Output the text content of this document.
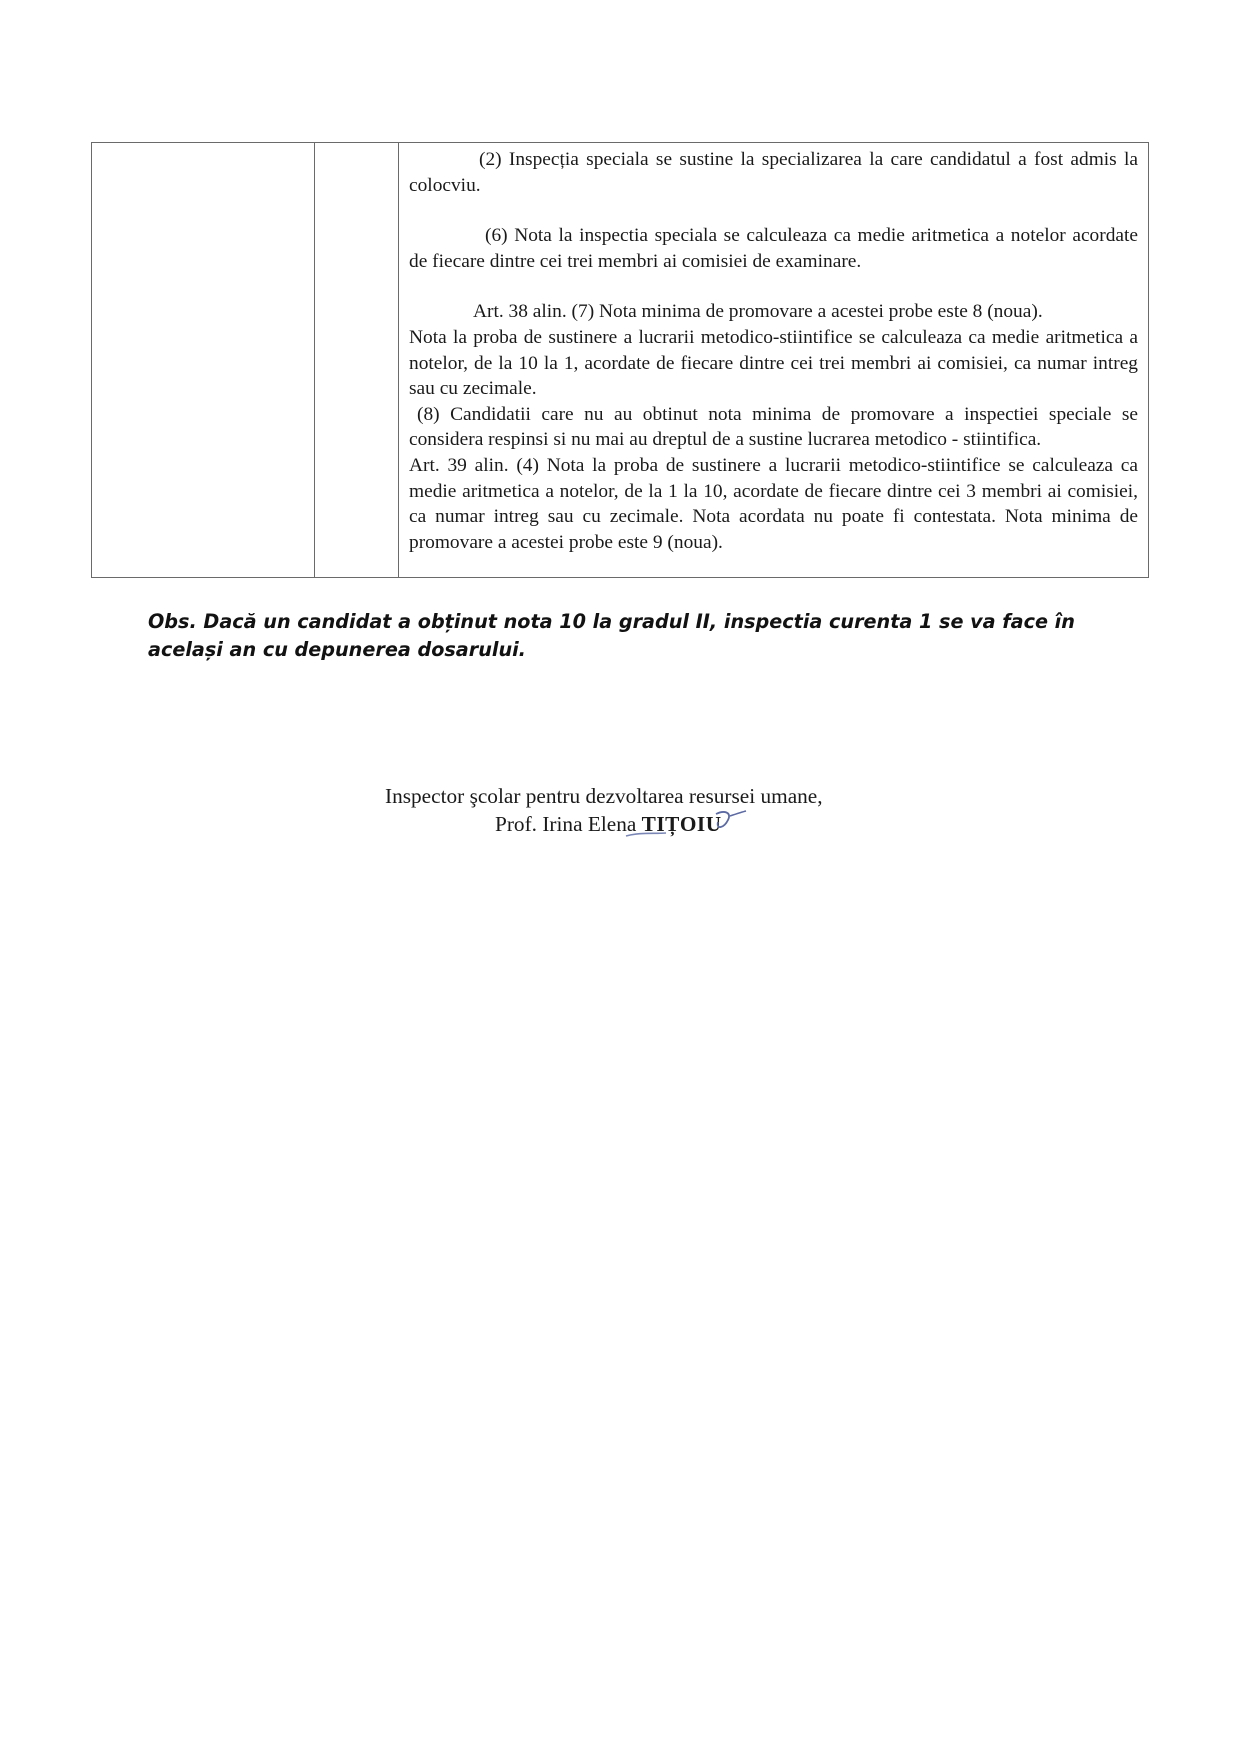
(2) Inspecția speciala se sustine la specializarea la care candidatul a fost admis la colocviu.

(6) Nota la inspectia speciala se calculeaza ca medie aritmetica a notelor acordate de fiecare dintre cei trei membri ai comisiei de examinare.

Art. 38 alin. (7) Nota minima de promovare a acestei probe este 8 (noua).

Nota la proba de sustinere a lucrarii metodico-stiintifice se calculeaza ca medie aritmetica a notelor, de la 10 la 1, acordate de fiecare dintre cei trei membri ai comisiei, ca numar intreg sau cu zecimale.

(8) Candidatii care nu au obtinut nota minima de promovare a inspectiei speciale se considera respinsi si nu mai au dreptul de a sustine lucrarea metodico - stiintifica.

Art. 39 alin. (4) Nota la proba de sustinere a lucrarii metodico-stiintifice se calculeaza ca medie aritmetica a notelor, de la 1 la 10, acordate de fiecare dintre cei 3 membri ai comisiei, ca numar intreg sau cu zecimale. Nota acordata nu poate fi contestata. Nota minima de promovare a acestei probe este 9 (noua).

Obs. Dacă un candidat a obținut nota 10 la gradul II, inspectia curenta 1 se va face în același an cu depunerea dosarului.
Inspector şcolar pentru dezvoltarea resursei umane,
Prof. Irina Elena TIȚOIU
